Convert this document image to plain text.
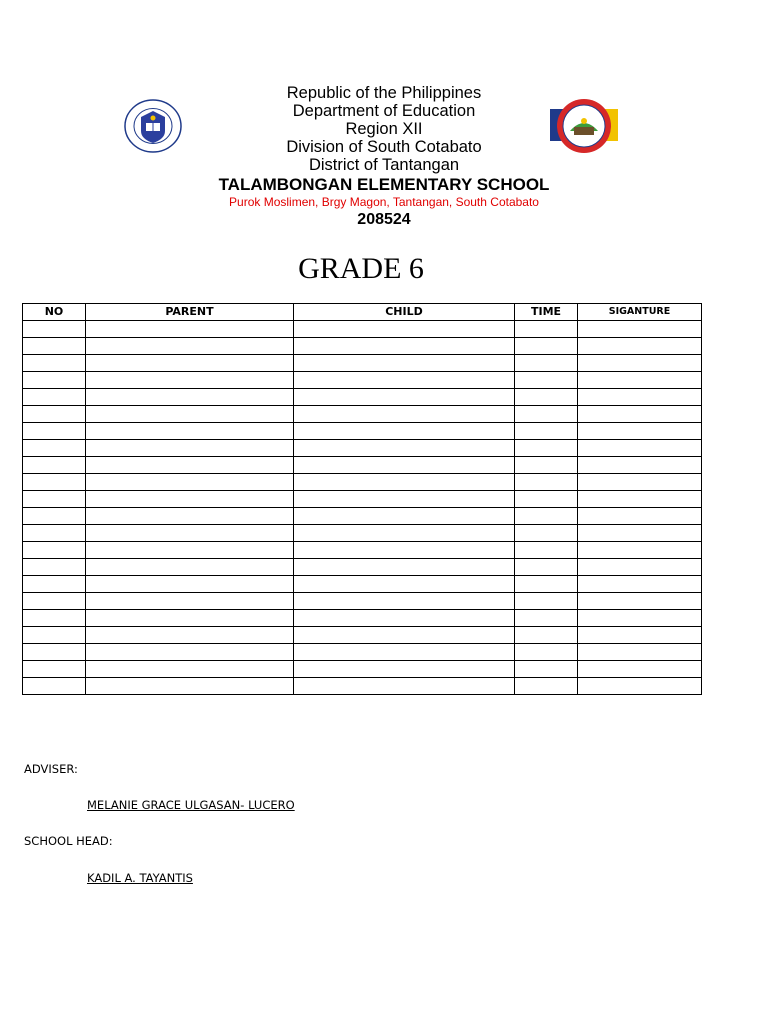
Republic of the Philippines
Department of Education
Region XII
Division of South Cotabato
District of Tantangan
TALAMBONGAN ELEMENTARY SCHOOL
Purok Moslimen, Brgy Magon, Tantangan, South Cotabato
208524
GRADE 6
NO	PARENT	CHILD	TIME	SIGANTURE

ADVISER:
MELANIE GRACE ULGASAN- LUCERO
SCHOOL HEAD:
KADIL A. TAYANTIS
